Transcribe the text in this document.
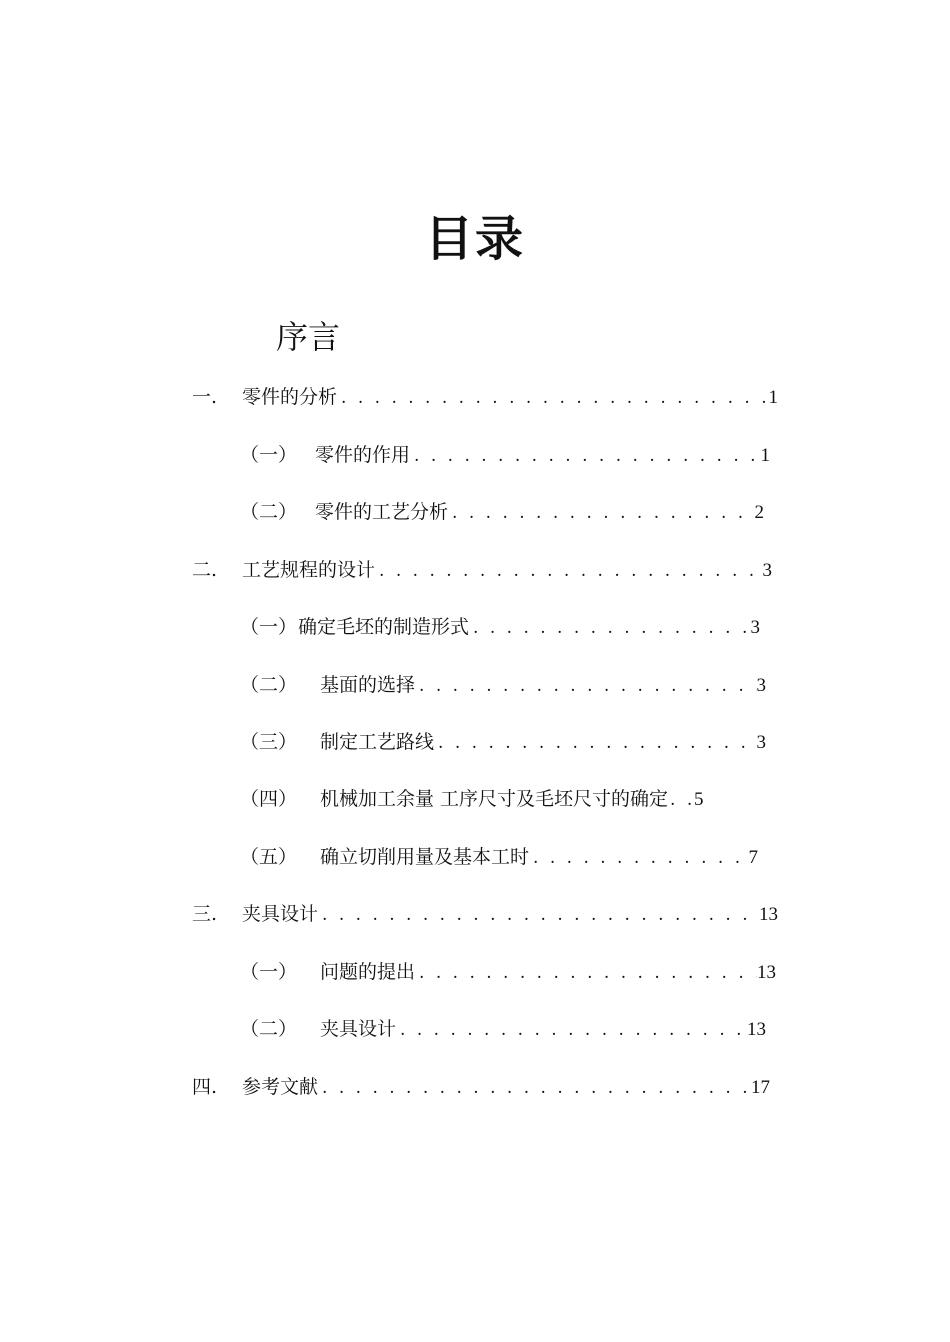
目录
序言
一.	零件的分析 . . .	1
（一） 零件的作用 . . .	1
（二） 零件的工艺分析 . . .	2
二.	工艺规程的设计 . . .	3
（一） 确定毛坯的制造形式 . . .	3
（二）	基面的选择 . . .	3
（三）	制定工艺路线 . . .	3
（四）	机械加工余量 工序尺寸及毛坯尺寸的确定 . . . 5
（五）	确立切削用量及基本工时 . . .	7
三.	夹具设计 . . .	13
（一）	问题的提出 . . .	13
（二）	夹具设计 . . .	13
四.	参考文献 . . .	17
